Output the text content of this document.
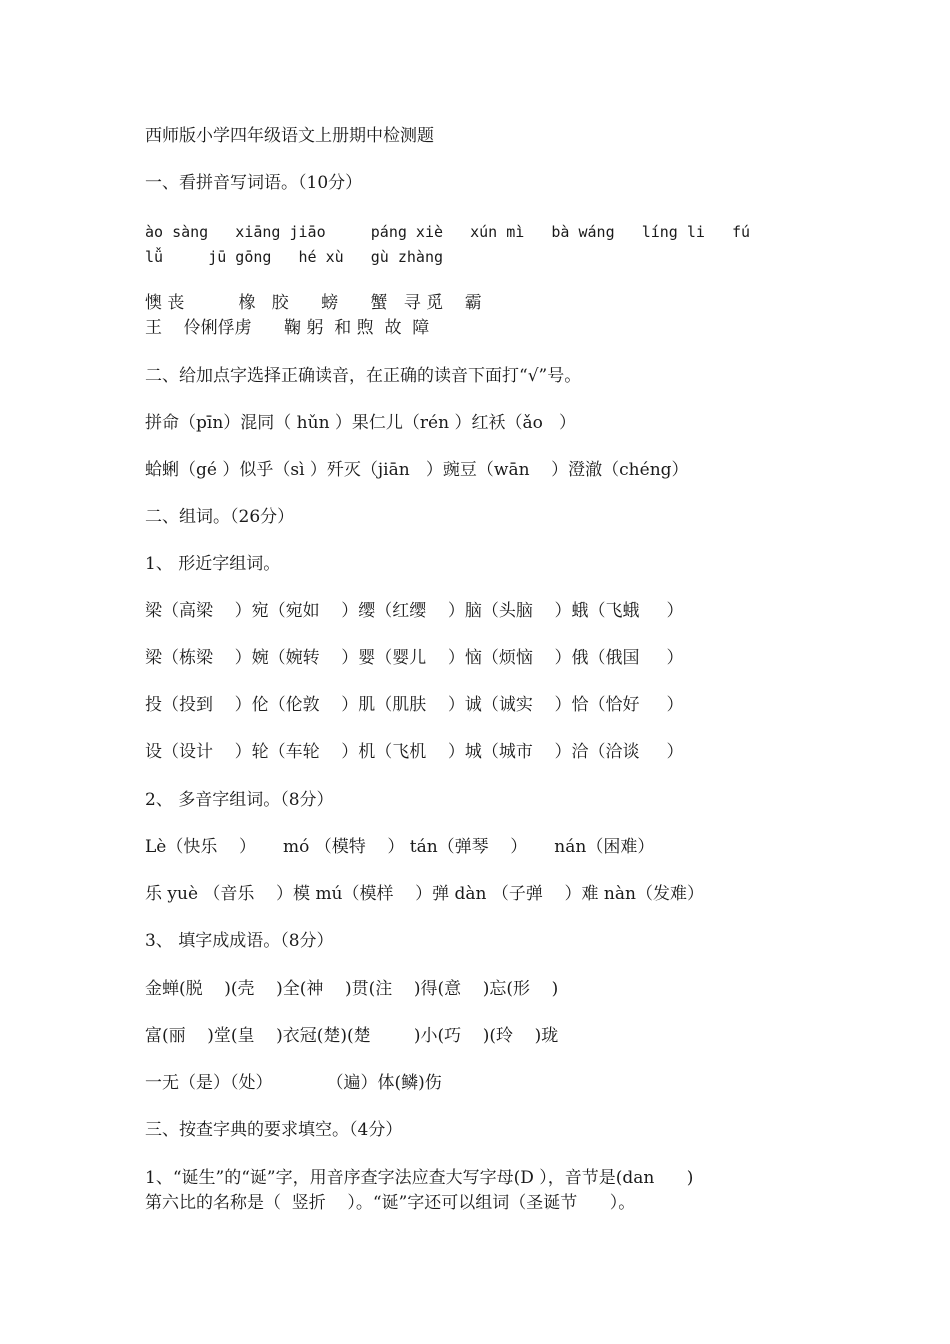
西师版小学四年级语文上册期中检测题
一、看拼音写词语。（10分）
ào sàng   xiāng jiāo     páng xiè   xún mì   bà wáng   líng li   fú
lǚ     jū gōng   hé xù   gù zhàng
懊 丧          橡   胶      螃      蟹   寻 觅    霸
王    伶俐俘虏      鞠 躬  和 煦  故  障
二、给加点字选择正确读音，在正确的读音下面打“√”号。
拼命（pīn）混同（ hǔn ）果仁儿（rén ）红袄（ǎo   ）
蛤蜊（gé ）似乎（sì ）歼灭（jiān   ）豌豆（wān    ）澄澈（chéng）
二、组词。（26分）
1、 形近字组词。
梁（高梁    ）宛（宛如    ）缨（红缨    ）脑（头脑    ）蛾（飞蛾     ）
梁（栋梁    ）婉（婉转    ）婴（婴儿    ）恼（烦恼    ）俄（俄国     ）
投（投到    ）伦（伦敦    ）肌（肌肤    ）诚（诚实    ）恰（恰好     ）
设（设计    ）轮（车轮    ）机（飞机    ）城（城市    ）洽（洽谈     ）
2、 多音字组词。（8分）
Lè（快乐    ）     mó （模特    ） tán（弹琴    ）     nán（困难）
乐 yuè （音乐    ）模 mú（模样    ）弹 dàn （子弹    ）难 nàn（发难）
3、 填字成成语。（8分）
金蝉(脱    )(壳    )全(神    )贯(注    )得(意    )忘(形    )
富(丽    )堂(皇    )衣冠(楚)(楚        )小(巧    )(玲    )珑
一无（是）（处）          （遍）体(鳞)伤
三、按查字典的要求填空。（4分）
1、“诞生”的“诞”字，用音序查字法应查大写字母(D ），音节是(dan      )
第六比的名称是（  竖折    ）。“诞”字还可以组词（圣诞节      ）。
